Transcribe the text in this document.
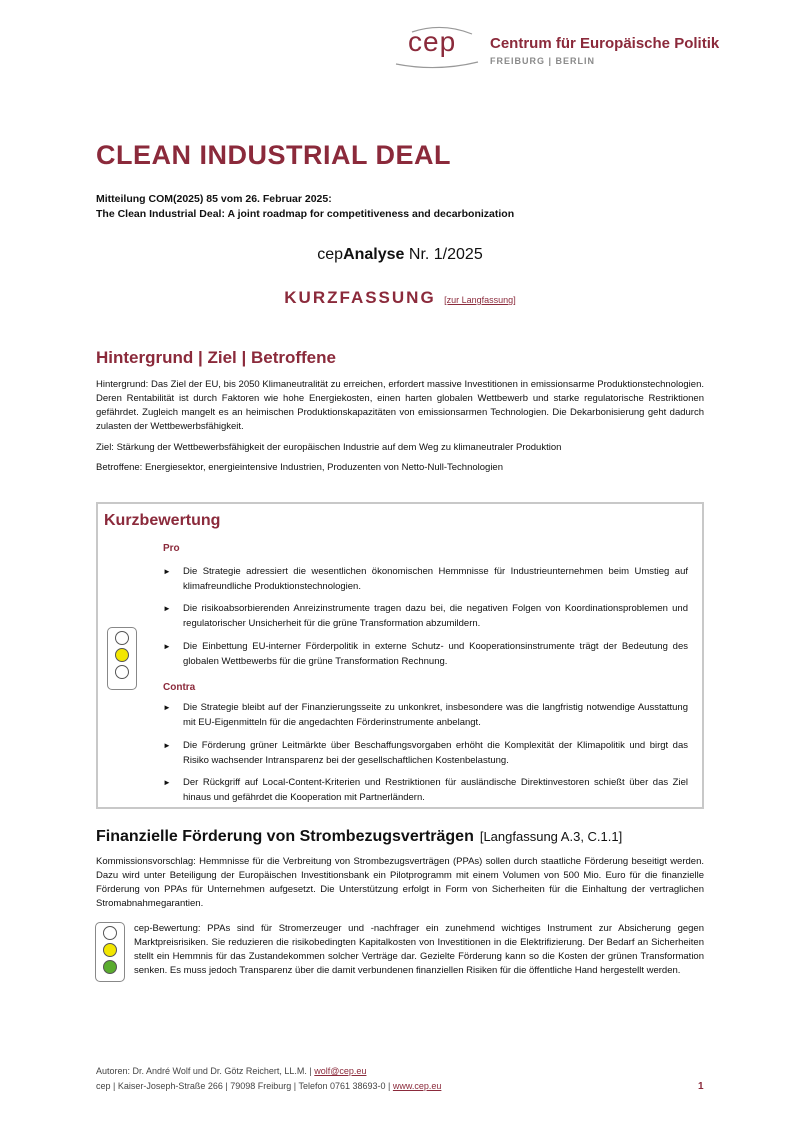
cep Centrum für Europäische Politik
FREIBURG | BERLIN
CLEAN INDUSTRIAL DEAL
Mitteilung COM(2025) 85 vom 26. Februar 2025:
The Clean Industrial Deal: A joint roadmap for competitiveness and decarbonization
cepAnalyse Nr. 1/2025
KURZFASSUNG [zur Langfassung]
Hintergrund | Ziel | Betroffene
Hintergrund: Das Ziel der EU, bis 2050 Klimaneutralität zu erreichen, erfordert massive Investitionen in emissionsarme Produktionstechnologien. Deren Rentabilität ist durch Faktoren wie hohe Energiekosten, einen harten globalen Wettbewerb und starke regulatorische Restriktionen gefährdet. Zugleich mangelt es an heimischen Produktionskapazitäten von emissionsarmen Technologien. Die Dekarbonisierung geht dadurch zulasten der Wettbewerbsfähigkeit.
Ziel: Stärkung der Wettbewerbsfähigkeit der europäischen Industrie auf dem Weg zu klimaneutraler Produktion
Betroffene: Energiesektor, energieintensive Industrien, Produzenten von Netto-Null-Technologien
Kurzbewertung
Pro
► Die Strategie adressiert die wesentlichen ökonomischen Hemmnisse für Industrieunternehmen beim Umstieg auf klimafreundliche Produktionstechnologien.
► Die risikoabsorbierenden Anreizinstrumente tragen dazu bei, die negativen Folgen von Koordinationsproblemen und regulatorischer Unsicherheit für die grüne Transformation abzumildern.
► Die Einbettung EU-interner Förderpolitik in externe Schutz- und Kooperationsinstrumente trägt der Bedeutung des globalen Wettbewerbs für die grüne Transformation Rechnung.
Contra
► Die Strategie bleibt auf der Finanzierungsseite zu unkonkret, insbesondere was die langfristig notwendige Ausstattung mit EU-Eigenmitteln für die angedachten Förderinstrumente anbelangt.
► Die Förderung grüner Leitmärkte über Beschaffungsvorgaben erhöht die Komplexität der Klimapolitik und birgt das Risiko wachsender Intransparenz bei der gesellschaftlichen Kostenbelastung.
► Der Rückgriff auf Local-Content-Kriterien und Restriktionen für ausländische Direktinvestoren schießt über das Ziel hinaus und gefährdet die Kooperation mit Partnerländern.
Finanzielle Förderung von Strombezugsverträgen [Langfassung A.3, C.1.1]
Kommissionsvorschlag: Hemmnisse für die Verbreitung von Strombezugsverträgen (PPAs) sollen durch staatliche Förderung beseitigt werden. Dazu wird unter Beteiligung der Europäischen Investitionsbank ein Pilotprogramm mit einem Volumen von 500 Mio. Euro für die finanzielle Förderung von PPAs für Unternehmen aufgesetzt. Die Unterstützung erfolgt in Form von Sicherheiten für die Einhaltung der vertraglichen Stromabnahmegarantien.
cep-Bewertung: PPAs sind für Stromerzeuger und -nachfrager ein zunehmend wichtiges Instrument zur Absicherung gegen Marktpreisrisiken. Sie reduzieren die risikobedingten Kapitalkosten von Investitionen in die Elektrifizierung. Der Bedarf an Sicherheiten stellt ein Hemmnis für das Zustandekommen solcher Verträge dar. Gezielte Förderung kann so die Kosten der grünen Transformation senken. Es muss jedoch Transparenz über die damit verbundenen finanziellen Risiken für die öffentliche Hand hergestellt werden.
Autoren: Dr. André Wolf und Dr. Götz Reichert, LL.M. | wolf@cep.eu
cep | Kaiser-Joseph-Straße 266 | 79098 Freiburg | Telefon 0761 38693-0 | www.cep.eu	1
